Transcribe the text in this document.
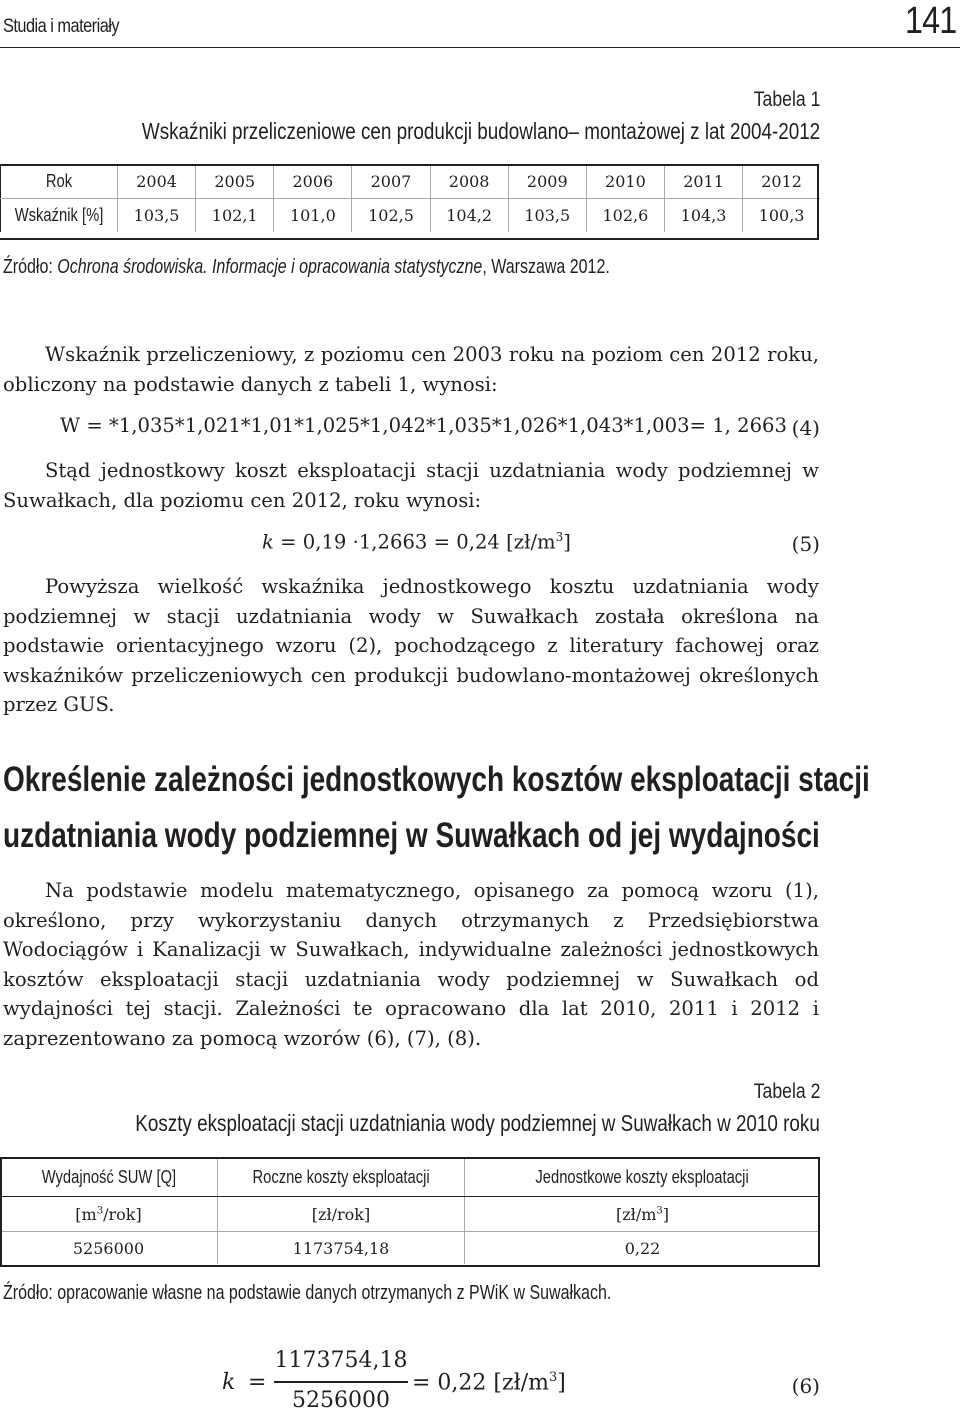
Studia i materiały	141
Tabela 1
Wskaźniki przeliczeniowe cen produkcji budowlano– montażowej z lat 2004-2012
Rok	2004	2005	2006	2007	2008	2009	2010	2011	2012
Wskaźnik [%]	103,5	102,1	101,0	102,5	104,2	103,5	102,6	104,3	100,3
Źródło: Ochrona środowiska. Informacje i opracowania statystyczne, Warszawa 2012.
Wskaźnik przeliczeniowy, z poziomu cen 2003 roku na poziom cen 2012 roku, obliczony na podstawie danych z tabeli 1, wynosi:
W = *1,035*1,021*1,01*1,025*1,042*1,035*1,026*1,043*1,003= 1, 2663 (4)
Stąd jednostkowy koszt eksploatacji stacji uzdatniania wody podziemnej w Suwałkach, dla poziomu cen 2012, roku wynosi:
k = 0,19 ·1,2663 = 0,24 $[zł/m^3]$	(5)
Powyższa wielkość wskaźnika jednostkowego kosztu uzdatniania wody podziemnej w stacji uzdatniania wody w Suwałkach została określona na podstawie orientacyjnego wzoru (2), pochodzącego z literatury fachowej oraz wskaźników przeliczeniowych cen produkcji budowlano-montażowej określonych przez GUS.
Określenie zależności jednostkowych kosztów eksploatacji stacji
uzdatniania wody podziemnej w Suwałkach od jej wydajności
Na podstawie modelu matematycznego, opisanego za pomocą wzoru (1), określono, przy wykorzystaniu danych otrzymanych z Przedsiębiorstwa Wodociągów i Kanalizacji w Suwałkach, indywidualne zależności jednostkowych kosztów eksploatacji stacji uzdatniania wody podziemnej w Suwałkach od wydajności tej stacji. Zależności te opracowano dla lat 2010, 2011 i 2012 i zaprezentowano za pomocą wzorów (6), (7), (8).
Tabela 2
Koszty eksploatacji stacji uzdatniania wody podziemnej w Suwałkach w 2010 roku
Wydajność SUW [Q]	Roczne koszty eksploatacji	Jednostkowe koszty eksploatacji
$[m^3/rok]$	[zł/rok]	$[zł/m^3]$
5256000	1173754,18	0,22
Źródło: opracowanie własne na podstawie danych otrzymanych z PWiK w Suwałkach.
k =
1173754,18
5256000
= 0,22 $[zł/m^3]$	(6)
